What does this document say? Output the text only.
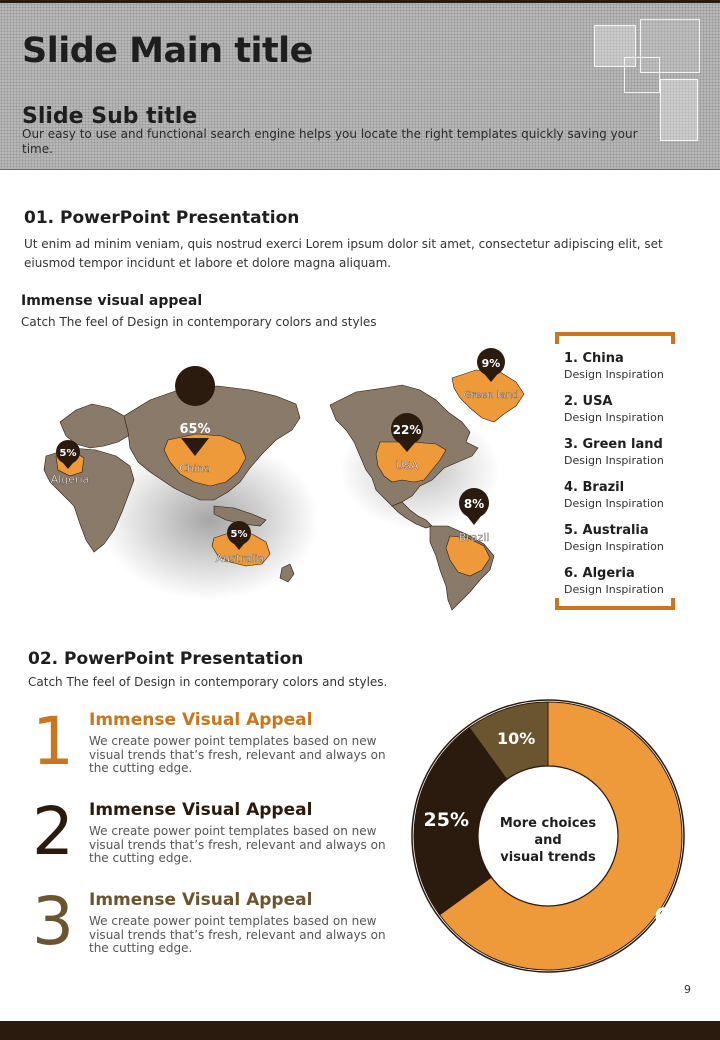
Slide Main title
Slide Sub title
Our easy to use and functional search engine helps you locate the right templates quickly saving your time.
01. PowerPoint Presentation
Ut enim ad minim veniam, quis nostrud exerci Lorem ipsum dolor sit amet, consectetur adipiscing elit, set eiusmod tempor incidunt et labore et dolore magna aliquam.
Immense visual appeal
Catch The feel of Design in contemporary colors and styles
65%
China
22%
USA
9%
Green land
8%
Brazil
5%
Australia
5%
Algeria
1. China
Design Inspiration
2. USA
Design Inspiration
3. Green land
Design Inspiration
4. Brazil
Design Inspiration
5. Australia
Design Inspiration
6. Algeria
Design Inspiration
02. PowerPoint Presentation
Catch The feel of Design in contemporary colors and styles.
1 Immense Visual Appeal
We create power point templates based on new visual trends that’s fresh, relevant and always on the cutting edge.
2 Immense Visual Appeal
We create power point templates based on new visual trends that’s fresh, relevant and always on the cutting edge.
3 Immense Visual Appeal
We create power point templates based on new visual trends that’s fresh, relevant and always on the cutting edge.
More choices
and
visual trends
65%
25%
10%
9
